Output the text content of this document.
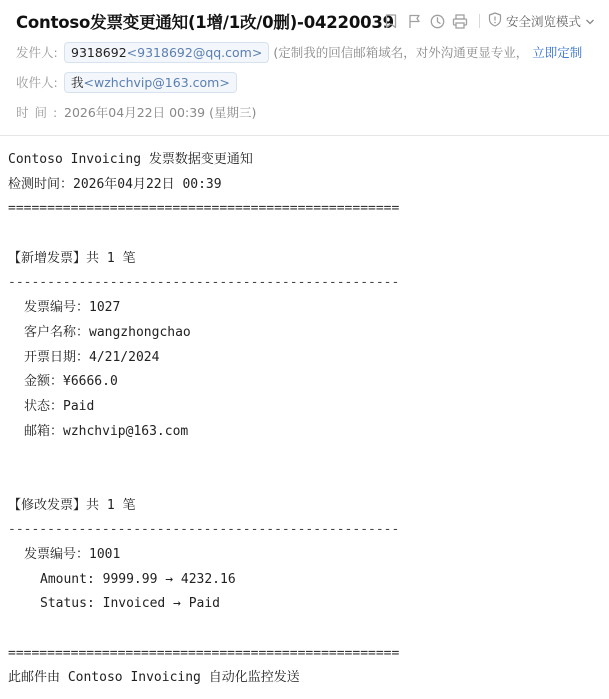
Contoso发票变更通知(1增/1改/0删)-04220039	安全浏览模式
发件人:	9318692 <9318692@qq.com> (定制我的回信邮箱域名，对外沟通更显专业， 立即定制
收件人:	我 <wzhchvip@163.com>
时间: 2026年04月22日 00:39 (星期三)
Contoso Invoicing 发票数据变更通知
检测时间：2026年04月22日 00:39
==================================================
【新增发票】共 1 笔
--------------------------------------------------
发票编号：1027
客户名称：wangzhongchao
开票日期：4/21/2024
金额：¥6666.0
状态：Paid
邮箱：wzhchvip@163.com
【修改发票】共 1 笔
--------------------------------------------------
发票编号：1001
Amount: 9999.99 → 4232.16
Status: Invoiced → Paid
==================================================
此邮件由 Contoso Invoicing 自动化监控发送
